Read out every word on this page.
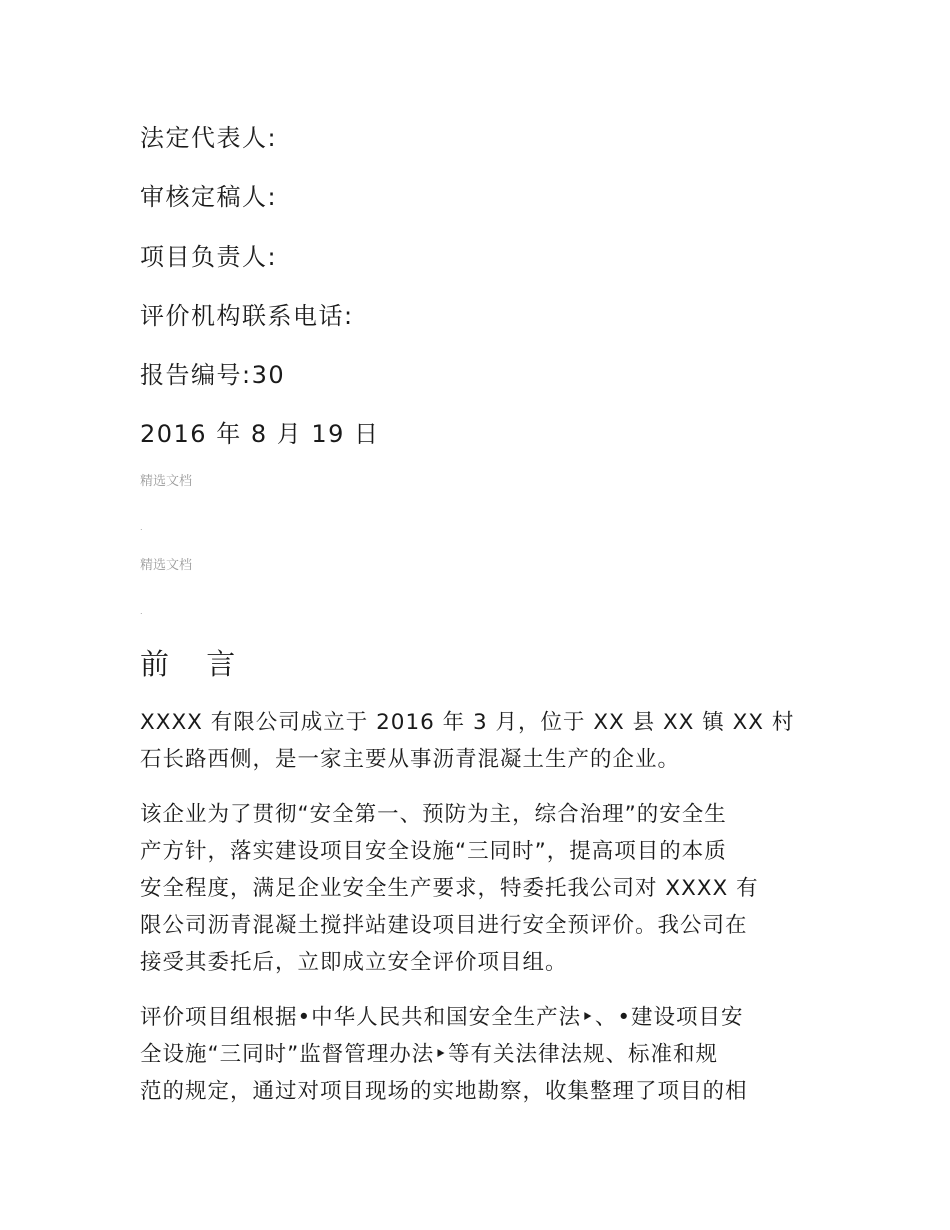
法定代表人:
审核定稿人:
项目负责人:
评价机构联系电话:
报告编号:30
2016 年 8 月 19 日
精选文档
.
精选文档
.
前 言
XXXX 有限公司成立于 2016 年 3 月，位于 XX 县 XX 镇 XX 村
石长路西侧，是一家主要从事沥青混凝土生产的企业。
该企业为了贯彻“安全第一、预防为主，综合治理”的安全生
产方针，落实建设项目安全设施“三同时”，提高项目的本质
安全程度，满足企业安全生产要求，特委托我公司对 XXXX 有
限公司沥青混凝土搅拌站建设项目进行安全预评价。我公司在
接受其委托后，立即成立安全评价项目组。
评价项目组根据•中华人民共和国安全生产法‣、•建设项目安
全设施“三同时”监督管理办法‣等有关法律法规、标准和规
范的规定，通过对项目现场的实地勘察，收集整理了项目的相
